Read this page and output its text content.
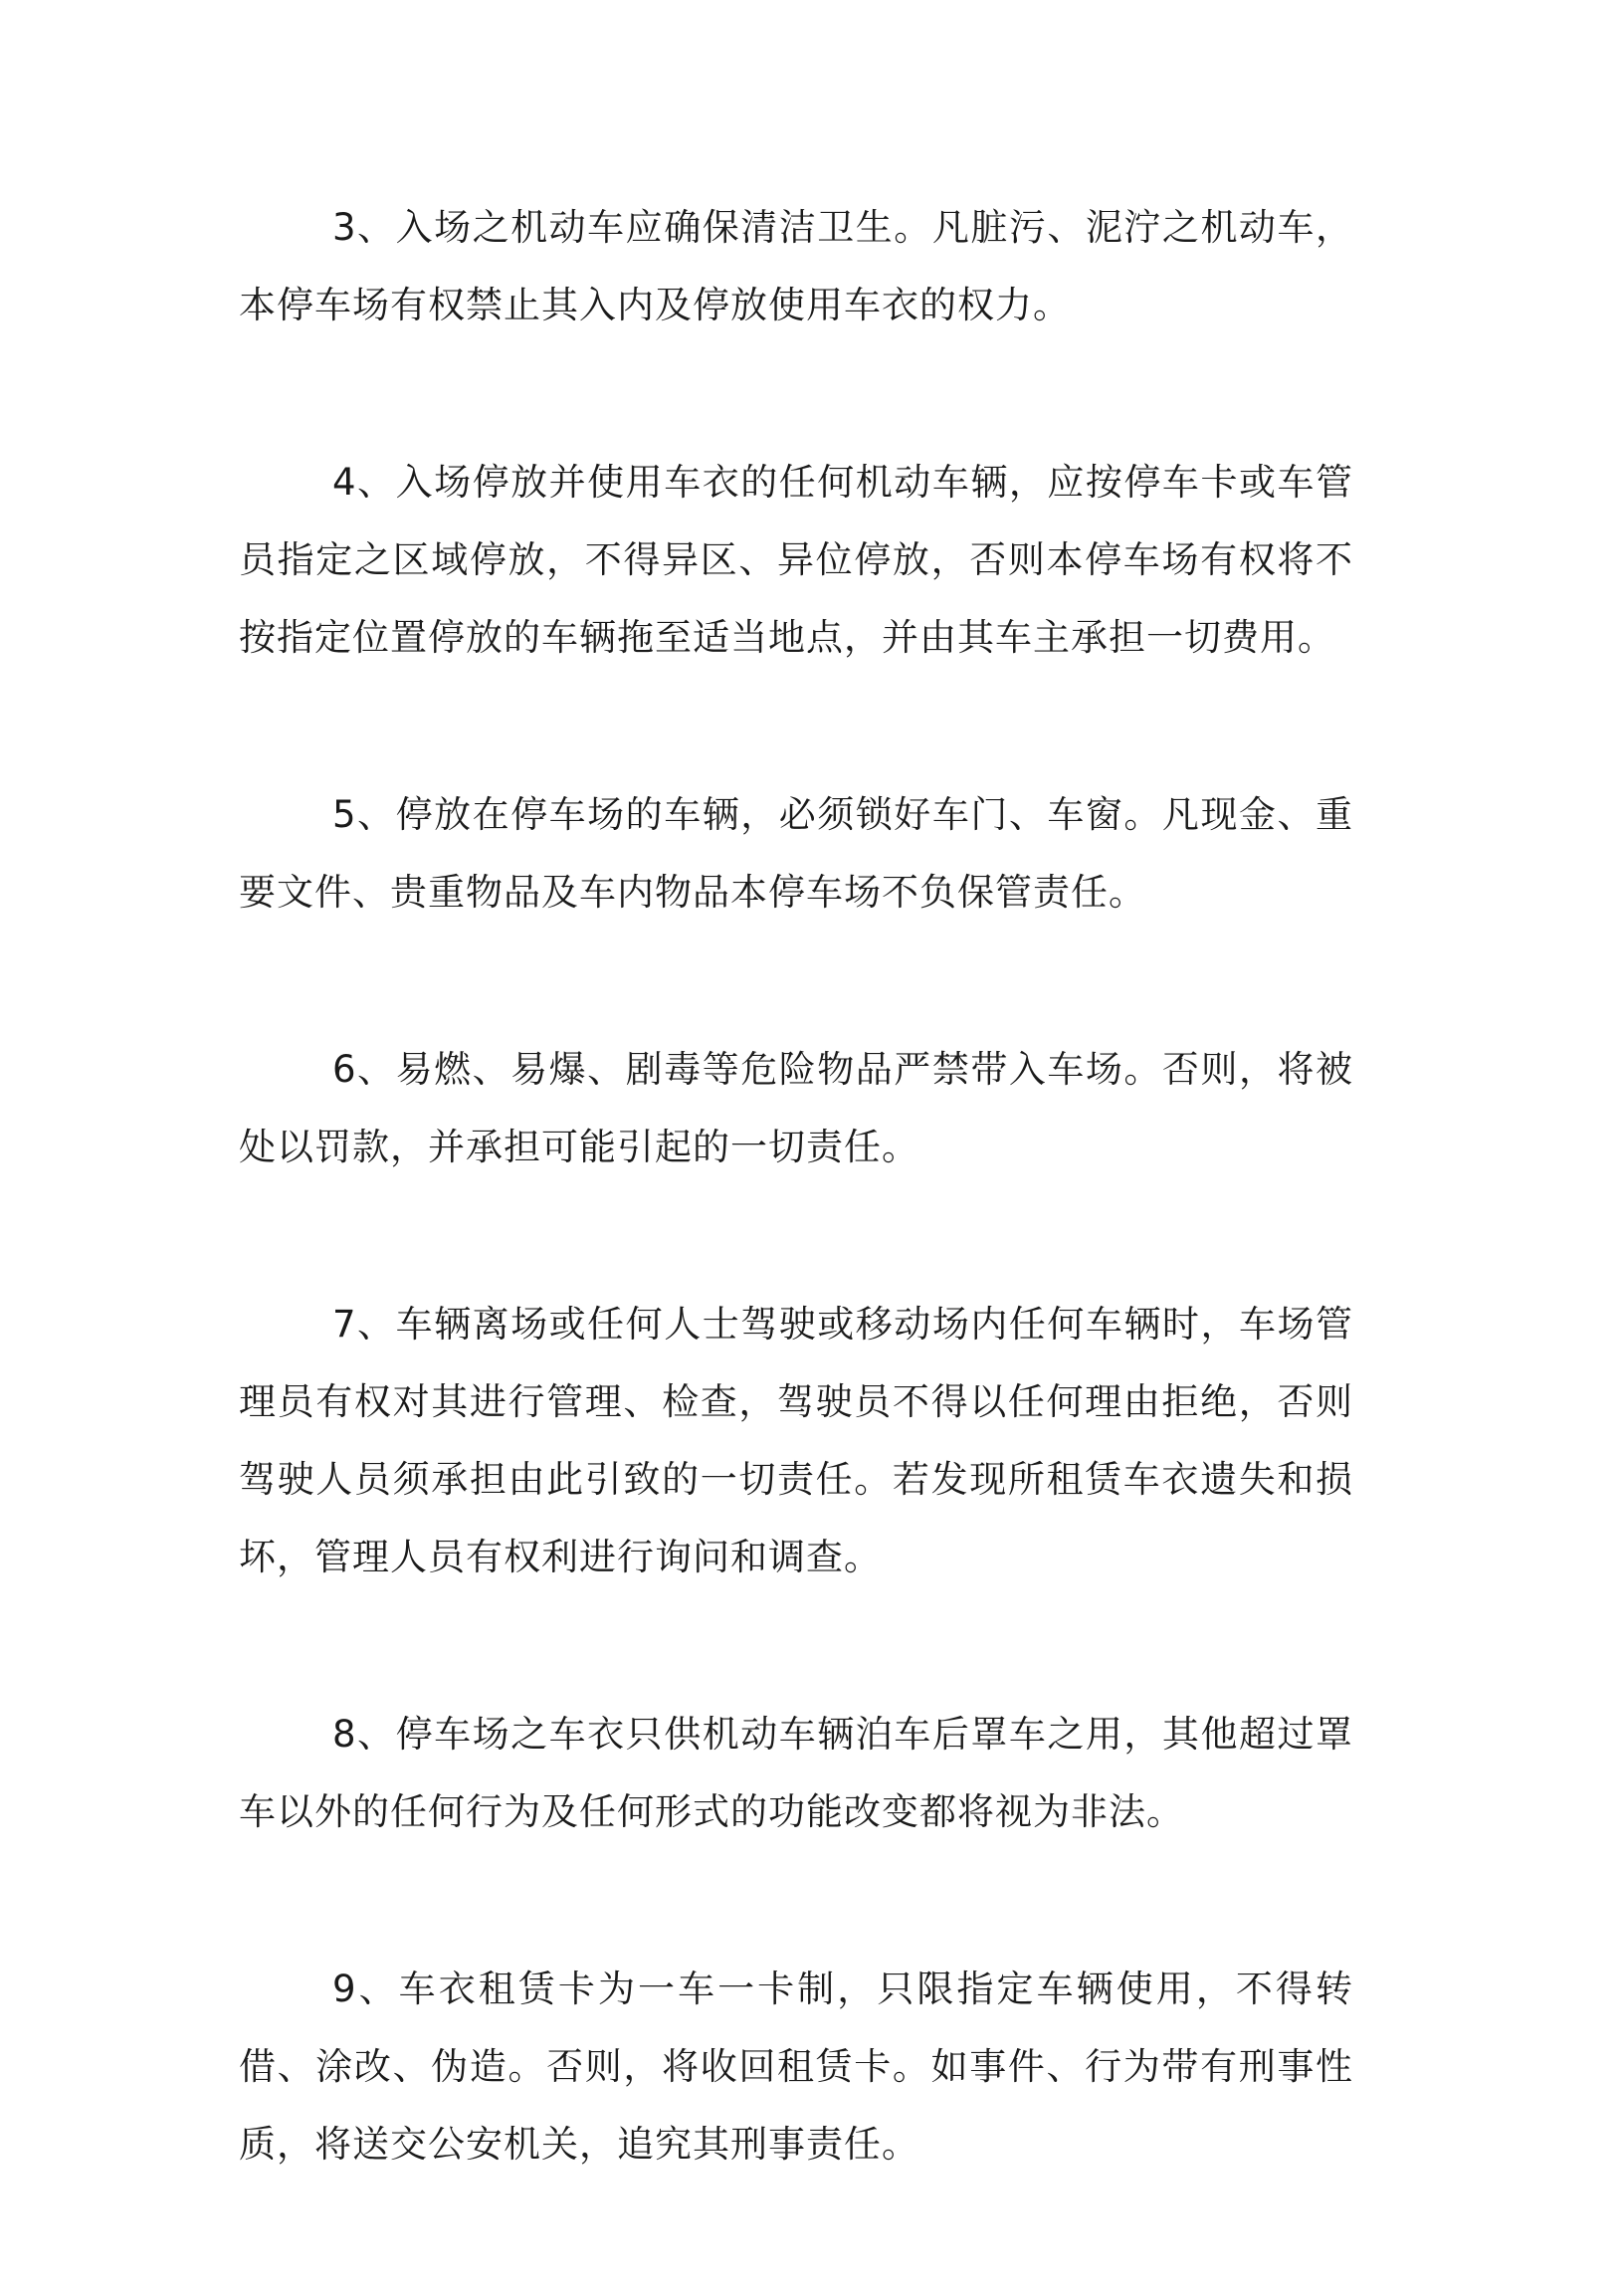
3、入场之机动车应确保清洁卫生。凡脏污、泥泞之机动车，本停车场有权禁止其入内及停放使用车衣的权力。

4、入场停放并使用车衣的任何机动车辆，应按停车卡或车管员指定之区域停放，不得异区、异位停放，否则本停车场有权将不按指定位置停放的车辆拖至适当地点，并由其车主承担一切费用。

5、停放在停车场的车辆，必须锁好车门、车窗。凡现金、重要文件、贵重物品及车内物品本停车场不负保管责任。

6、易燃、易爆、剧毒等危险物品严禁带入车场。否则，将被处以罚款，并承担可能引起的一切责任。

7、车辆离场或任何人士驾驶或移动场内任何车辆时，车场管理员有权对其进行管理、检查，驾驶员不得以任何理由拒绝，否则驾驶人员须承担由此引致的一切责任。若发现所租赁车衣遗失和损坏，管理人员有权利进行询问和调查。

8、停车场之车衣只供机动车辆泊车后罩车之用，其他超过罩车以外的任何行为及任何形式的功能改变都将视为非法。

9、车衣租赁卡为一车一卡制，只限指定车辆使用，不得转借、涂改、伪造。否则，将收回租赁卡。如事件、行为带有刑事性质，将送交公安机关，追究其刑事责任。
